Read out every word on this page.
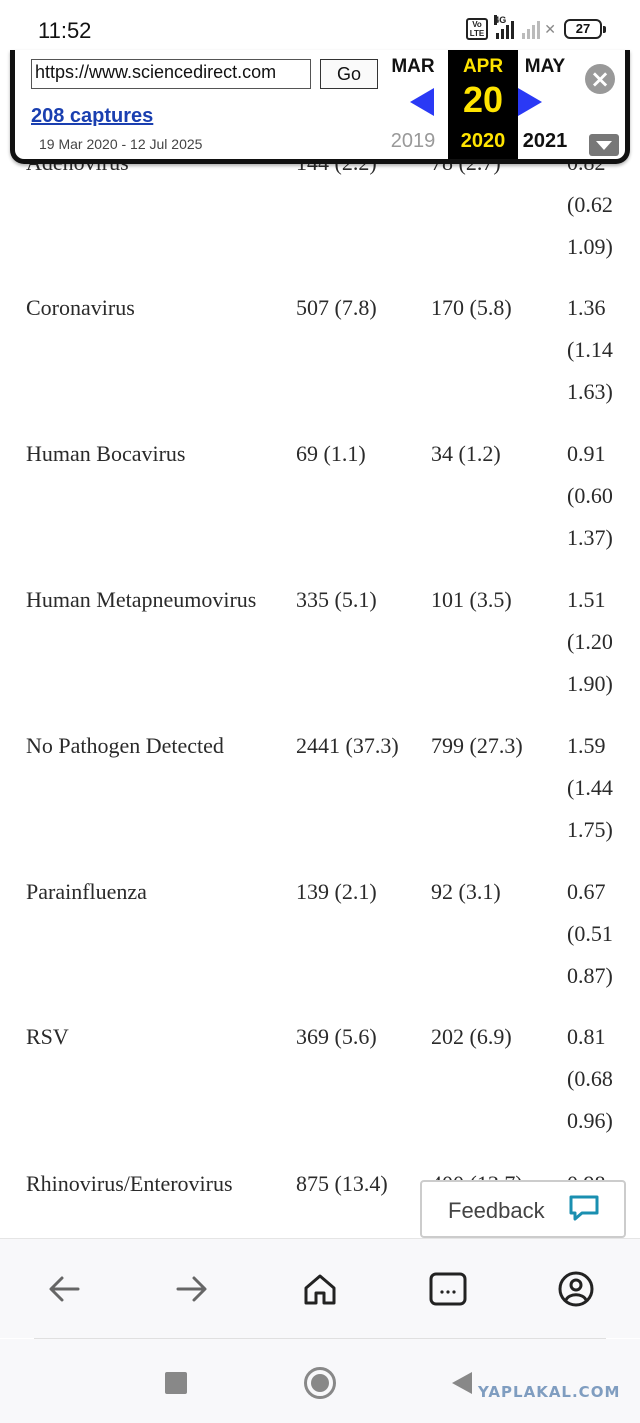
11:52	Vo
LTE
4G
✕	27
(0.62
1.09)
Coronavirus	507 (7.8) 170 (5.8)	1.36
(1.14
1.63)
Human Bocavirus	69 (1.1)	34 (1.2)	0.91
(0.60
1.37)
Human Metapneumovirus	335 (5.1) 101 (3.5)	1.51
(1.20
1.90)
No Pathogen Detected	2441 (37.3) 799 (27.3) 1.59
(1.44
1.75)
Parainfluenza	139 (2.1) 92 (3.1)	0.67
(0.51
0.87)
RSV	369 (5.6) 202 (6.9)	0.81
(0.68
0.96)
Rhinovirus/Enterovirus	875 (13.4)
https://www.sciencedirect.com	Go
208 captures
19 Mar 2020 - 12 Jul 2025
MAR
2019
APR
20
2020
MAY
2021
×
Feedback
YAPLAKAL.COM
